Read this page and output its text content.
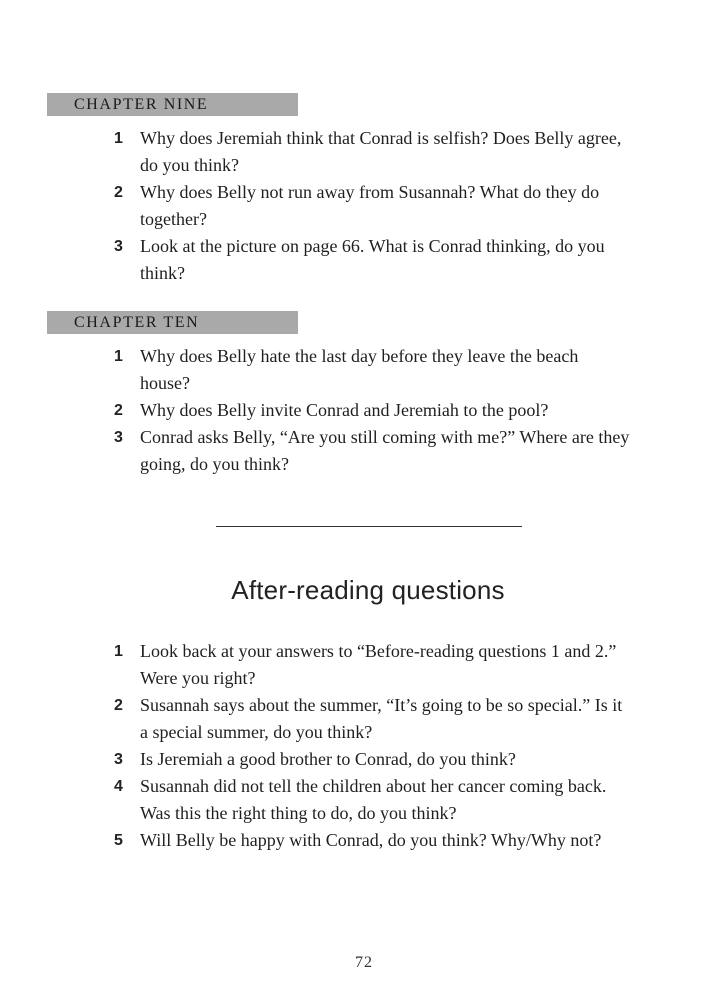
CHAPTER NINE
1 Why does Jeremiah think that Conrad is selfish? Does Belly agree, do you think?
2 Why does Belly not run away from Susannah? What do they do together?
3 Look at the picture on page 66. What is Conrad thinking, do you think?
CHAPTER TEN
1 Why does Belly hate the last day before they leave the beach house?
2 Why does Belly invite Conrad and Jeremiah to the pool?
3 Conrad asks Belly, “Are you still coming with me?” Where are they going, do you think?
After-reading questions
1 Look back at your answers to “Before-reading questions 1 and 2.” Were you right?
2 Susannah says about the summer, “It’s going to be so special.” Is it a special summer, do you think?
3 Is Jeremiah a good brother to Conrad, do you think?
4 Susannah did not tell the children about her cancer coming back. Was this the right thing to do, do you think?
5 Will Belly be happy with Conrad, do you think? Why/Why not?
72
